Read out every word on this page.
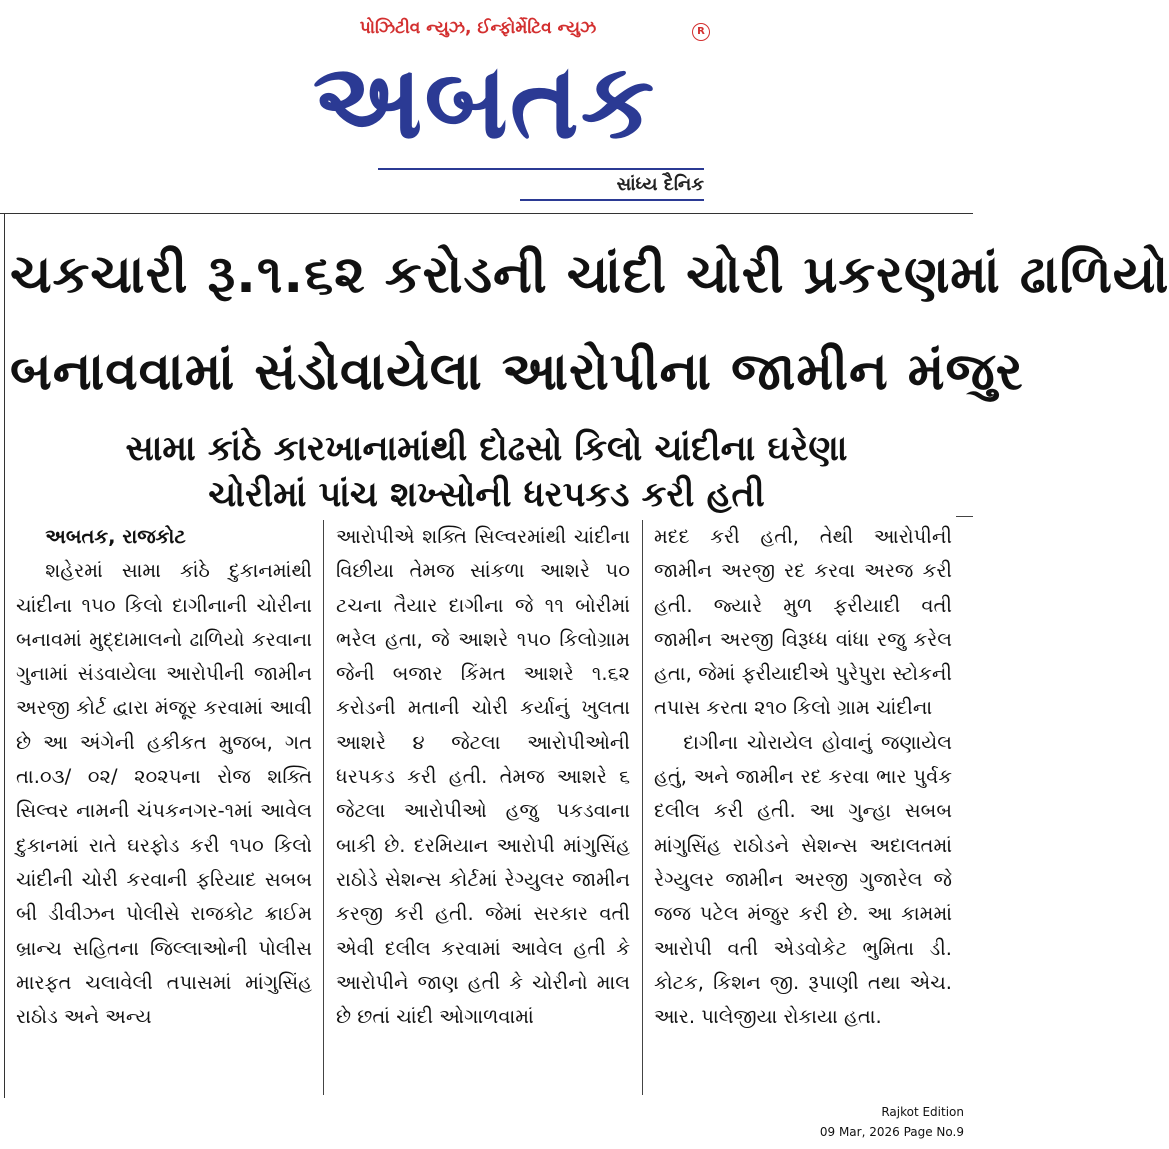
પોઝિટીવ ન્યુઝ, ઈન્ફોર્મેટિવ ન્યુઝ	R
અબતક
સાંધ્ય દૈનિક
ચકચારી રૂ.૧.૬૨ કરોડની ચાંદી ચોરી પ્રકરણમાં ઢાળિયો
બનાવવામાં સંડોવાયેલા આરોપીના જામીન મંજુર
સામા કાંઠે કારખાનામાંથી દોઢસો કિલો ચાંદીના ઘરેણા
ચોરીમાં પાંચ શખ્સોની ધરપકડ કરી હતી

અબતક, રાજકોટ

શહેરમાં સામા કાંઠે દુકાનમાંથી ચાંદીના ૧૫૦ કિલો દાગીનાની ચોરીના બનાવમાં મુદ્દામાલનો ઢાળિયો કરવાના ગુનામાં સંડવાયેલા આરોપીની જામીન અરજી કોર્ટ દ્વારા મંજૂર કરવામાં આવી છે આ અંગેની હકીકત મુજબ, ગત તા.૦૩/ ૦૨/ ૨૦૨૫ના રોજ શક્તિ સિલ્વર નામની ચંપકનગર-૧માં આવેલ દુકાનમાં રાતે ઘરફોડ કરી ૧૫૦ કિલો ચાંદીની ચોરી કરવાની ફરિયાદ સબબ બી ડીવીઝન પોલીસે રાજકોટ ક્રાઈમ બ્રાન્ચ સહિતના જિલ્લાઓની પોલીસ મારફત ચલાવેલી તપાસમાં માંગુસિંહ રાઠોડ અને અન્ય

આરોપીએ શક્તિ સિલ્વરમાંથી ચાંદીના વિછીયા તેમજ સાંકળા આશરે ૫૦ ટચના તૈયાર દાગીના જે ૧૧ બોરીમાં ભરેલ હતા, જે આશરે ૧૫૦ કિલોગ્રામ જેની બજાર કિંમત આશરે ૧.૬૨ કરોડની મતાની ચોરી કર્યાનું ખુલતા આશરે ૪ જેટલા આરોપીઓની ધરપકડ કરી હતી. તેમજ આશરે ૬ જેટલા આરોપીઓ હજુ પકડવાના બાકી છે. દરમિયાન આરોપી માંગુસિંહ રાઠોડે સેશન્સ કોર્ટમાં રેગ્યુલર જામીન કરજી કરી હતી. જેમાં સરકાર વતી એવી દલીલ કરવામાં આવેલ હતી કે આરોપીને જાણ હતી કે ચોરીનો માલ છે છતાં ચાંદી ઓગાળવામાં

મદદ કરી હતી, તેથી આરોપીની જામીન અરજી રદ કરવા અરજ કરી હતી. જ્યારે મુળ ફરીયાદી વતી જામીન અરજી વિરૂધ્ધ વાંધા રજુ કરેલ હતા, જેમાં ફરીયાદીએ પુરેપુરા સ્ટોકની તપાસ કરતા ૨૧૦ કિલો ગ્રામ ચાંદીના

દાગીના ચોરાયેલ હોવાનું જણાયેલ હતું, અને જામીન રદ કરવા ભાર પુર્વક દલીલ કરી હતી. આ ગુન્હા સબબ માંગુસિંહ રાઠોડને સેશન્સ અદાલતમાં રેગ્યુલર જામીન અરજી ગુજારેલ જે જજ પટેલ મંજુર કરી છે. આ કામમાં આરોપી વતી એડવોકેટ ભુમિતા ડી. કોટક, કિશન જી. રૂપાણી તથા એચ. આર. પાલેજીયા રોકાયા હતા.

Rajkot Edition
09 Mar, 2026 Page No.9
